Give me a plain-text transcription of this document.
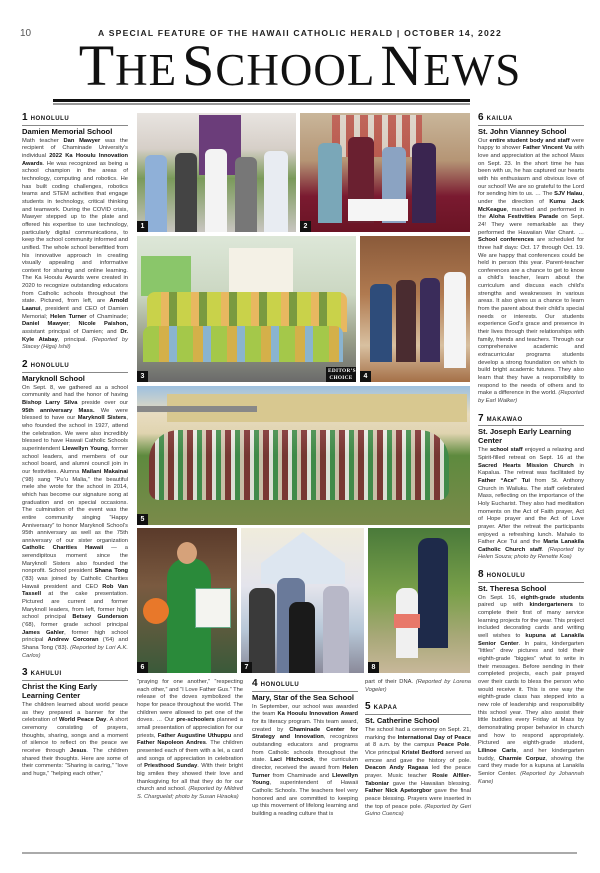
10	A SPECIAL FEATURE OF THE HAWAII CATHOLIC HERALD | OCTOBER 14, 2022
THE SCHOOL NEWS
1 HONOLULU
Damien Memorial School
Math teacher Dan Mawyer was the recipient of Chaminade University’s individual 2022 Ka Hooulu Innovation Awards. He was recognized as being a school champion in the areas of technology, computing and robotics. He has built coding challenges, robotics teams and STEM activities that engage students in technology, critical thinking and teamwork. During the COVID crisis, Mawyer stepped up to the plate and offered his expertise to use technology, particularly digital communications, to keep the school community informed and unified. The whole school benefitted from his innovative approach in creating visually appealing and informative content for sharing and online learning. The Ka Hooulu Awards were created in 2020 to recognize outstanding educators from Catholic schools throughout the state. Pictured, from left, are Arnold Laanui, president and CEO of Damien Memorial; Helen Turner of Chaminade; Daniel Mawyer; Nicole Paishon, assistant principal of Damien; and Dr. Kyle Atabay, principal. (Reported by Stacey (Higa) Ishii)
2 HONOLULU
Maryknoll School
On Sept. 8, we gathered as a school community and had the honor of having Bishop Larry Silva preside over our 95th anniversary Mass. We were blessed to have our Maryknoll Sisters, who founded the school in 1927, attend the celebration. We were also incredibly blessed to have Hawaii Catholic Schools superintendent Llewellyn Young, former school leaders, and members of our school board, and alumni council join in our festivities. Alumna Mailani Makainai (’98) sang “Pu‘u Malia,” the beautiful mele she wrote for the school in 2014, which has become our signature song at graduation and on special occasions. The culmination of the event was the entire community singing “Happy Anniversary” to honor Maryknoll School’s 95th anniversary as well as the 75th anniversary of our sister organization Catholic Charities Hawaii — a serendipitous moment since the Maryknoll Sisters also founded the nonprofit. School president Shana Tong (’83) was joined by Catholic Charities Hawaii president and CEO Rob Van Tassell at the cake presentation. Pictured are current and former Maryknoll leaders, from left, former high school principal Betsey Gunderson (’68), former grade school principal James Gahler, former high school principal Andrew Corcoran (’64) and Shana Tong (’83). (Reported by Lori A.K. Carlos)
3 KAHULUI
Christ the King Early Learning Center
The children learned about world peace as they prepared a banner for the celebration of World Peace Day. A short ceremony consisting of prayers, thoughts, sharing, songs and a moment of silence to reflect on the peace we receive through Jesus. The children shared their thoughts. Here are some of their comments: “Sharing is caring,” “love and hugs,” “helping each other,”
“praying for one another,” “respecting each other,” and “I Love Father Gus.” The release of the doves symbolized the hope for peace throughout the world. The children were allowed to pet one of the doves. … Our pre-schoolers planned a small presentation of appreciation for our priests, Father Augustine Uthuppu and Father Napoleon Andres. The children presented each of them with a lei, a card and songs of appreciation in celebration of Priesthood Sunday. With their bright big smiles they showed their love and thanksgiving for all that they do for our church and school. (Reported by Mildred S. Charguelaf; photo by Susan Hiraoka)
4 HONOLULU
Mary, Star of the Sea School
In September, our school was awarded the team Ka Hooulu Innovation Award for its literacy program. This team award, created by Chaminade Center for Strategy and Innovation, recognizes outstanding educators and programs from Catholic schools throughout the state. Laci Hitchcock, the curriculum director, received the award from Helen Turner from Chaminade and Llewellyn Young, superintendent of Hawaii Catholic Schools. The teachers feel very honored and are committed to keeping up this movement of lifelong learning and building a reading culture that is
part of their DNA. (Reported by Lorena Vogeler)
5 KAPAA
St. Catherine School
The school had a ceremony on Sept. 21, marking the International Day of Peace at 8 a.m. by the campus Peace Pole. Vice principal Kristel Bedford served as emcee and gave the history of pole. Deacon Andy Ragasa led the peace prayer. Music teacher Rosie Alfiler-Taboniar gave the Hawaiian blessing. Father Nick Apetorgbor gave the final peace blessing. Prayers were inserted in the top of peace pole. (Reported by Geri Guino Cuenca)
6 KAILUA
St. John Vianney School
Our entire student body and staff were happy to shower Father Vincent Vu with love and appreciation at the school Mass on Sept. 23. In the short time he has been with us, he has captured our hearts with his enthusiasm and obvious love of our school! We are so grateful to the Lord for sending him to us. … The SJV Halau, under the direction of Kumu Jack McKeague, marched and performed in the Aloha Festivities Parade on Sept. 24! They were remarkable as they performed the Hawaiian War Chant. … School conferences are scheduled for three half days: Oct. 17 through Oct. 19. We are happy that conferences could be held in person this year. Parent-teacher conferences are a chance to get to know a child’s teacher, learn about the curriculum and discuss each child’s strengths and weaknesses in various areas. It also gives us a chance to learn from the parent about their child’s special needs or interests. Our students experience God’s grace and presence in their lives through their relationships with family, friends and teachers. Through our comprehensive academic and extracurricular programs students develop a strong foundation on which to build bright academic futures. They also learn that they have a responsibility to respond to the needs of others and to make a difference in the world. (Reported by Earl Walker)
7 MAKAWAO
St. Joseph Early Learning Center
The school staff enjoyed a relaxing and Spirit-filled retreat on Sept. 16 at the Sacred Hearts Mission Church in Kapalua. The retreat was facilitated by Father “Ace” Tui from St. Anthony Church in Wailuku. The staff celebrated Mass, reflecting on the importance of the Holy Eucharist. They also had meditation moments on the Act of Faith prayer, Act of Hope prayer and the Act of Love prayer. After the retreat the participants enjoyed a refreshing lunch. Mahalo to Father Ace Tui and the Maria Lanakila Catholic Church staff. (Reported by Helen Souza; photo by Renette Koa)
8 HONOLULU
St. Theresa School
On Sept. 16, eighth-grade students paired up with kindergarteners to complete their first of many service learning projects for the year. This project included decorating cards and writing well wishes to kupuna at Lanakila Senior Center. In pairs, kindergarten “littles” drew pictures and told their eighth-grade “biggies” what to write in their messages. Before sending in their completed projects, each pair prayed over their cards to bless the person who would receive it. This is one way the eighth-grade class has stepped into a new role of leadership and responsibility this school year. They also assist their little buddies every Friday at Mass by demonstrating proper behavior in church and how to respond appropriately. Pictured are eighth-grade student, Lilinoe Caris, and her kindergarten buddy, Charmie Corpuz, showing the card they made for a kupuna at Lanakila Senior Center. (Reported by Johannah Kane)
1	2
3
EDITOR’S
CHOICE	4
5
6	7	8
